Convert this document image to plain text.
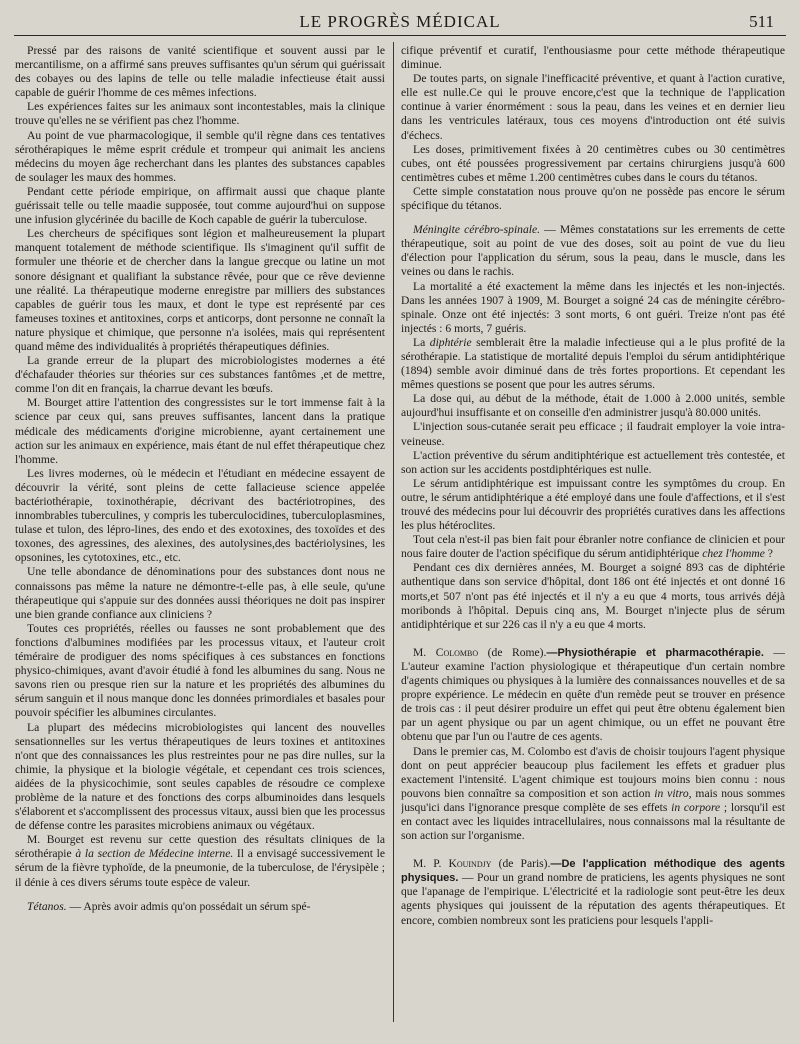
LE PROGRÈS MÉDICAL	511

Pressé par des raisons de vanité scientifique et souvent aussi par le mercantilisme, on a affirmé sans preuves suffisantes qu'un sérum qui guérissait des cobayes ou des lapins de telle ou telle maladie infectieuse était aussi capable de guérir l'homme de ces mêmes infections.

Les expériences faites sur les animaux sont incontestables, mais la clinique trouve qu'elles ne se vérifient pas chez l'homme.

Au point de vue pharmacologique, il semble qu'il règne dans ces tentatives sérothérapiques le même esprit crédule et trompeur qui animait les anciens médecins du moyen âge recherchant dans les plantes des substances capables de soulager les maux des hommes.

Pendant cette période empirique, on affirmait aussi que chaque plante guérissait telle ou telle maadie supposée, tout comme aujourd'hui on suppose une infusion glycérinée du bacille de Koch capable de guérir la tuberculose.

Les chercheurs de spécifiques sont légion et malheureusement la plupart manquent totalement de méthode scientifique. Ils s'imaginent qu'il suffit de formuler une théorie et de chercher dans la langue grecque ou latine un mot sonore désignant et qualifiant la substance rêvée, pour que ce rêve devienne une réalité. La thérapeutique moderne enregistre par milliers des substances capables de guérir tous les maux, et dont le type est représenté par ces fameuses toxines et antitoxines, corps et anticorps, dont personne ne connaît la nature physique et chimique, que personne n'a isolées, mais qui représentent quand même des individualités à propriétés thérapeutiques définies.

La grande erreur de la plupart des microbiologistes modernes a été d'échafauder théories sur théories sur ces substances fantômes ,et de mettre, comme l'on dit en français, la charrue devant les bœufs.

M. Bourget attire l'attention des congressistes sur le tort immense fait à la science par ceux qui, sans preuves suffisantes, lancent dans la pratique médicale des médicaments d'origine microbienne, ayant certainement une action sur les animaux en expérience, mais étant de nul effet thérapeutique chez l'homme.

Les livres modernes, où le médecin et l'étudiant en médecine essayent de découvrir la vérité, sont pleins de cette fallacieuse science appelée bactériothérapie, toxinothérapie, décrivant des bactériotropines, des innombrables tuberculines, y compris les tuberculocidines, tuberculoplasmines, tulase et tulon, des lépro-lines, des endo et des exotoxines, des toxoïdes et des toxones, des agressines, des alexines, des autolysines,des bactériolysines, les opsonines, les cytotoxines, etc., etc.

Une telle abondance de dénominations pour des substances dont nous ne connaissons pas même la nature ne démontre-t-elle pas, à elle seule, qu'une thérapeutique qui s'appuie sur des données aussi théoriques ne doit pas inspirer une bien grande confiance aux cliniciens ?

Toutes ces propriétés, réelles ou fausses ne sont probablement que des fonctions d'albumines modifiées par les processus vitaux, et l'auteur croit téméraire de prodiguer des noms spécifiques à ces substances en fonctions physico-chimiques, avant d'avoir étudié à fond les albumines du sang. Nous ne savons rien ou presque rien sur la nature et les propriétés des albumines du sérum sanguin et il nous manque donc les données primordiales et basales pour pouvoir spécifier les albumines circulantes.

La plupart des médecins microbiologistes qui lancent des nouvelles sensationnelles sur les vertus thérapeutiques de leurs toxines et antitoxines n'ont que des connaissances les plus restreintes pour ne pas dire nulles, sur la chimie, la physique et la biologie végétale, et cependant ces trois sciences, aidées de la physicochimie, sont seules capables de résoudre ce complexe problème de la nature et des fonctions des corps albuminoides dans lesquels s'élaborent et s'accomplissent des processus vitaux, aussi bien que les processus de défense contre les parasites microbiens animaux ou végétaux.

M. Bourget est revenu sur cette question des résultats cliniques de la sérothérapie à la section de Médecine interne. Il a envisagé successivement le sérum de la fièvre typhoïde, de la pneumonie, de la tuberculose, de l'érysipèle ; il dénie à ces divers sérums toute espèce de valeur.

Tétanos. — Après avoir admis qu'on possédait un sérum spé-

cifique préventif et curatif, l'enthousiasme pour cette méthode thérapeutique diminue.

De toutes parts, on signale l'inefficacité préventive, et quant à l'action curative, elle est nulle.Ce qui le prouve encore,c'est que la technique de l'application continue à varier énormément : sous la peau, dans les veines et en dernier lieu dans les ventricules latéraux, tous ces moyens d'introduction ont été suivis d'échecs.

Les doses, primitivement fixées à 20 centimètres cubes ou 30 centimètres cubes, ont été poussées progressivement par certains chirurgiens jusqu'à 600 centimètres cubes et même 1.200 centimètres cubes dans le cours du tétanos.

Cette simple constatation nous prouve qu'on ne possède pas encore le sérum spécifique du tétanos.

Méningite cérébro-spinale. — Mêmes constatations sur les errements de cette thérapeutique, soit au point de vue des doses, soit au point de vue du lieu d'élection pour l'application du sérum, sous la peau, dans le muscle, dans les veines ou dans le rachis.

La mortalité a été exactement la même dans les injectés et les non-injectés. Dans les années 1907 à 1909, M. Bourget a soigné 24 cas de méningite cérébro-spinale. Onze ont été injectés: 3 sont morts, 6 ont guéri. Treize n'ont pas été injectés : 6 morts, 7 guéris.

La diphtérie semblerait être la maladie infectieuse qui a le plus profité de la sérothérapie. La statistique de mortalité depuis l'emploi du sérum antidiphtérique (1894) semble avoir diminué dans de très fortes proportions. Et cependant les mêmes questions se posent que pour les autres sérums.

La dose qui, au début de la méthode, était de 1.000 à 2.000 unités, semble aujourd'hui insuffisante et on conseille d'en administrer jusqu'à 80.000 unités.

L'injection sous-cutanée serait peu efficace ; il faudrait employer la voie intra-veineuse.

L'action préventive du sérum anditiphtérique est actuellement très contestée, et son action sur les accidents postdiphtériques est nulle.

Le sérum antidiphtérique est impuissant contre les symptômes du croup. En outre, le sérum antidiphtérique a été employé dans une foule d'affections, et il s'est trouvé des médecins pour lui découvrir des propriétés curatives dans les affections les plus hétéroclites.

Tout cela n'est-il pas bien fait pour ébranler notre confiance de clinicien et pour nous faire douter de l'action spécifique du sérum antidiphtérique chez l'homme ?

Pendant ces dix dernières années, M. Bourget a soigné 893 cas de diphtérie authentique dans son service d'hôpital, dont 186 ont été injectés et ont donné 16 morts,et 507 n'ont pas été injectés et il n'y a eu que 4 morts, tous arrivés déjà moribonds à l'hôpital. Depuis cinq ans, M. Bourget n'injecte plus de sérum antidiphtérique et sur 226 cas il n'y a eu que 4 morts.

M. Colombo (de Rome).—Physiothérapie et pharmacothérapie. — L'auteur examine l'action physiologique et thérapeutique d'un certain nombre d'agents chimiques ou physiques à la lumière des connaissances nouvelles et de sa propre expérience. Le médecin en quête d'un remède peut se trouver en présence de trois cas : il peut désirer produire un effet qui peut être obtenu également bien par un agent physique ou par un agent chimique, ou un effet ne pouvant être obtenu que par l'un ou l'autre de ces agents.

Dans le premier cas, M. Colombo est d'avis de choisir toujours l'agent physique dont on peut apprécier beaucoup plus facilement les effets et graduer plus exactement l'intensité. L'agent chimique est toujours moins bien connu : nous pouvons bien connaître sa composition et son action in vitro, mais nous sommes jusqu'ici dans l'ignorance presque complète de ses effets in corpore ; lorsqu'il est en contact avec les liquides intracellulaires, nous connaissons mal la résultante de son action sur l'organisme.

M. P. Kouindjy (de Paris).—De l'application méthodique des agents physiques. — Pour un grand nombre de praticiens, les agents physiques ne sont que l'apanage de l'empirique. L'électricité et la radiologie sont peut-être les deux agents physiques qui jouissent de la réputation des agents thérapeutiques. Et encore, combien nombreux sont les praticiens pour lesquels l'appli-
